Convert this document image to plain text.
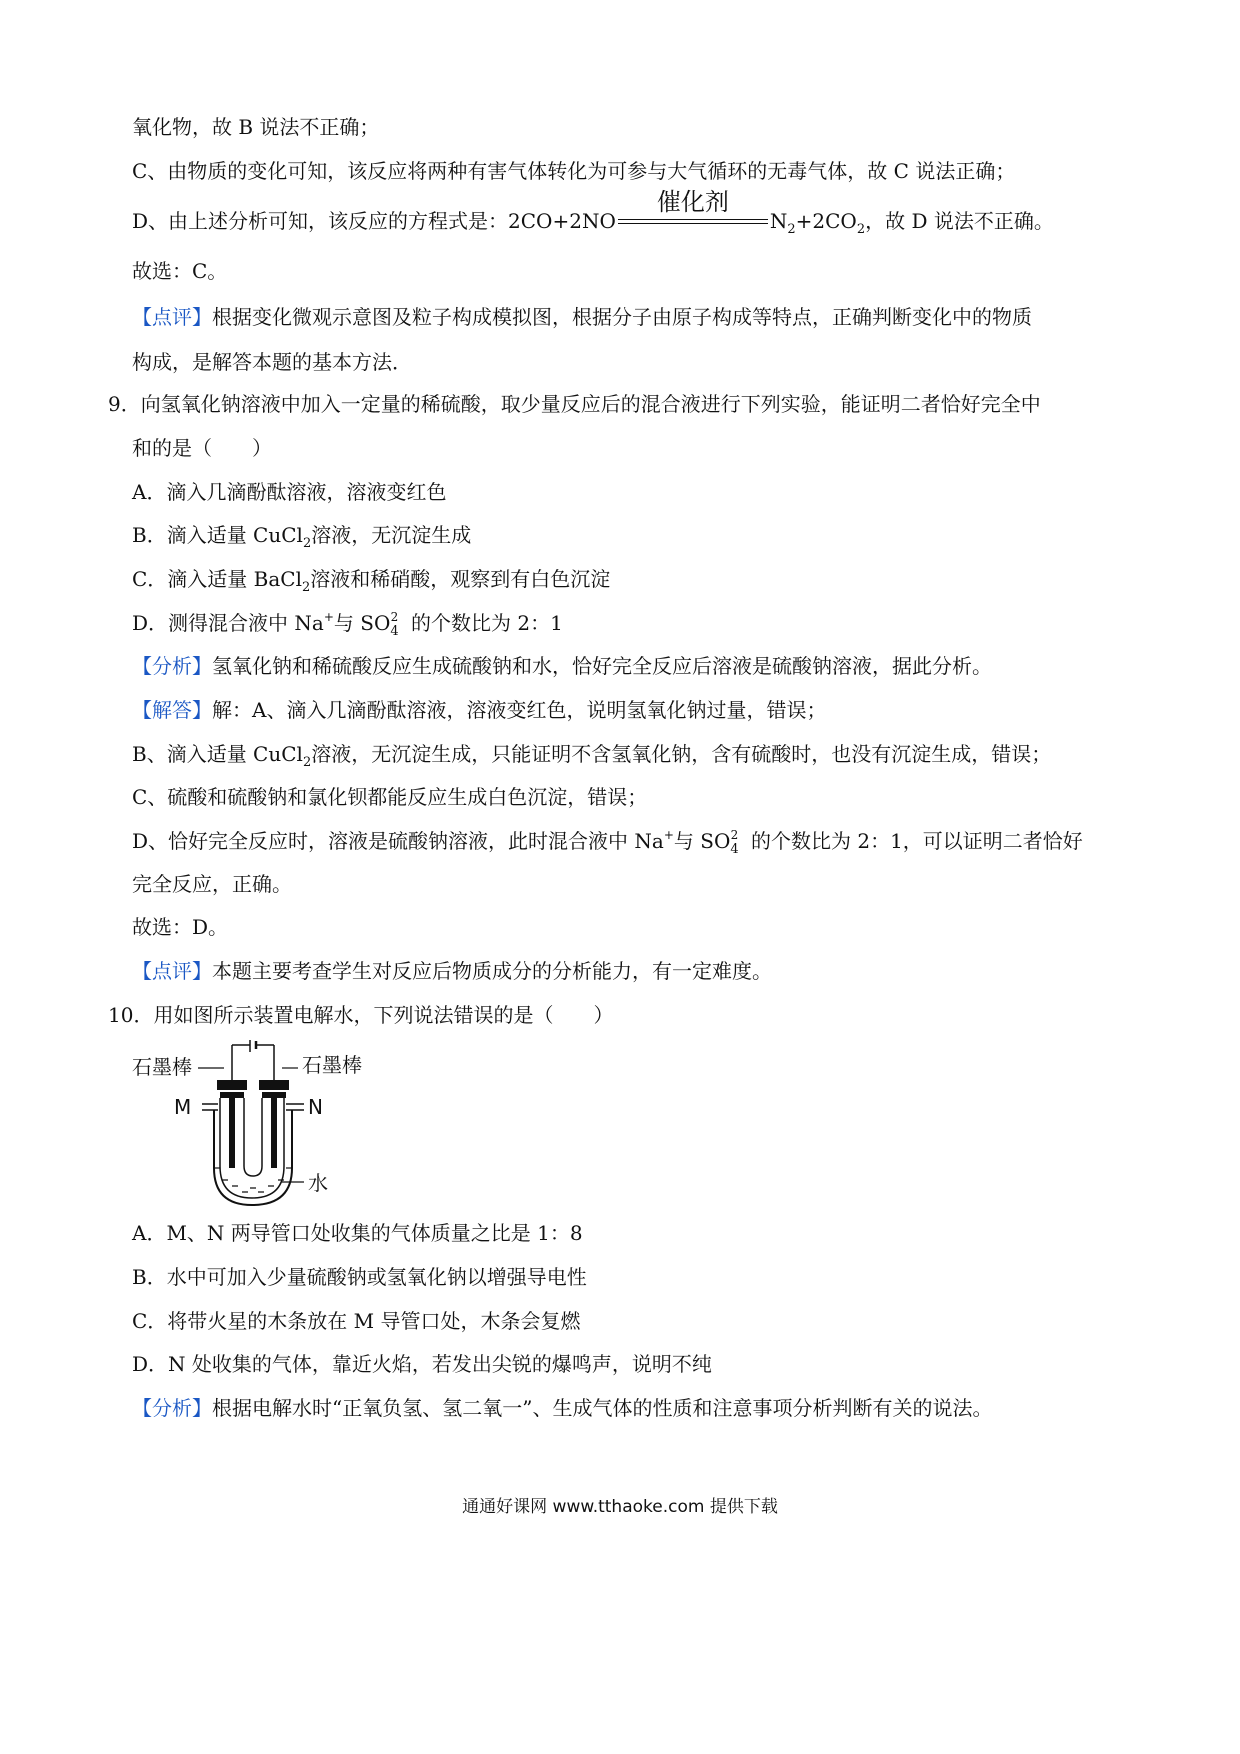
氧化物，故 B 说法不正确；
C、由物质的变化可知，该反应将两种有害气体转化为可参与大气循环的无毒气体，故 C 说法正确；
D、由上述分析可知，该反应的方程式是：2CO+2NO
催化剂
$N_2+2CO_2$，故 D 说法不正确。
故选：C。
【点评】根据变化微观示意图及粒子构成模拟图，根据分子由原子构成等特点，正确判断变化中的物质
构成，是解答本题的基本方法．
9．向氢氧化钠溶液中加入一定量的稀硫酸，取少量反应后的混合液进行下列实验，能证明二者恰好完全中
和的是（　　）
A．滴入几滴酚酞溶液，溶液变红色
B．滴入适量 CuCl$_2$溶液，无沉淀生成
C．滴入适量 BaCl$_2$溶液和稀硝酸，观察到有白色沉淀
D．测得混合液中 Na+与 $SO_4^2$ 的个数比为 2：1
【分析】氢氧化钠和稀硫酸反应生成硫酸钠和水，恰好完全反应后溶液是硫酸钠溶液，据此分析。
【解答】解：A、滴入几滴酚酞溶液，溶液变红色，说明氢氧化钠过量，错误；
B、滴入适量 CuCl$_2$溶液，无沉淀生成，只能证明不含氢氧化钠，含有硫酸时，也没有沉淀生成，错误；
C、硫酸和硫酸钠和氯化钡都能反应生成白色沉淀，错误；
D、恰好完全反应时，溶液是硫酸钠溶液，此时混合液中 Na+与 $SO_4^2$ 的个数比为 2：1，可以证明二者恰好
完全反应，正确。
故选：D。
【点评】本题主要考查学生对反应后物质成分的分析能力，有一定难度。
10．用如图所示装置电解水，下列说法错误的是（　　）
石墨棒	石墨棒
M	N
水
A．M、N 两导管口处收集的气体质量之比是 1：8
B．水中可加入少量硫酸钠或氢氧化钠以增强导电性
C．将带火星的木条放在 M 导管口处，木条会复燃
D．N 处收集的气体，靠近火焰，若发出尖锐的爆鸣声，说明不纯
【分析】根据电解水时“正氧负氢、氢二氧一”、生成气体的性质和注意事项分析判断有关的说法。
通通好课网 www.tthaoke.com 提供下载
